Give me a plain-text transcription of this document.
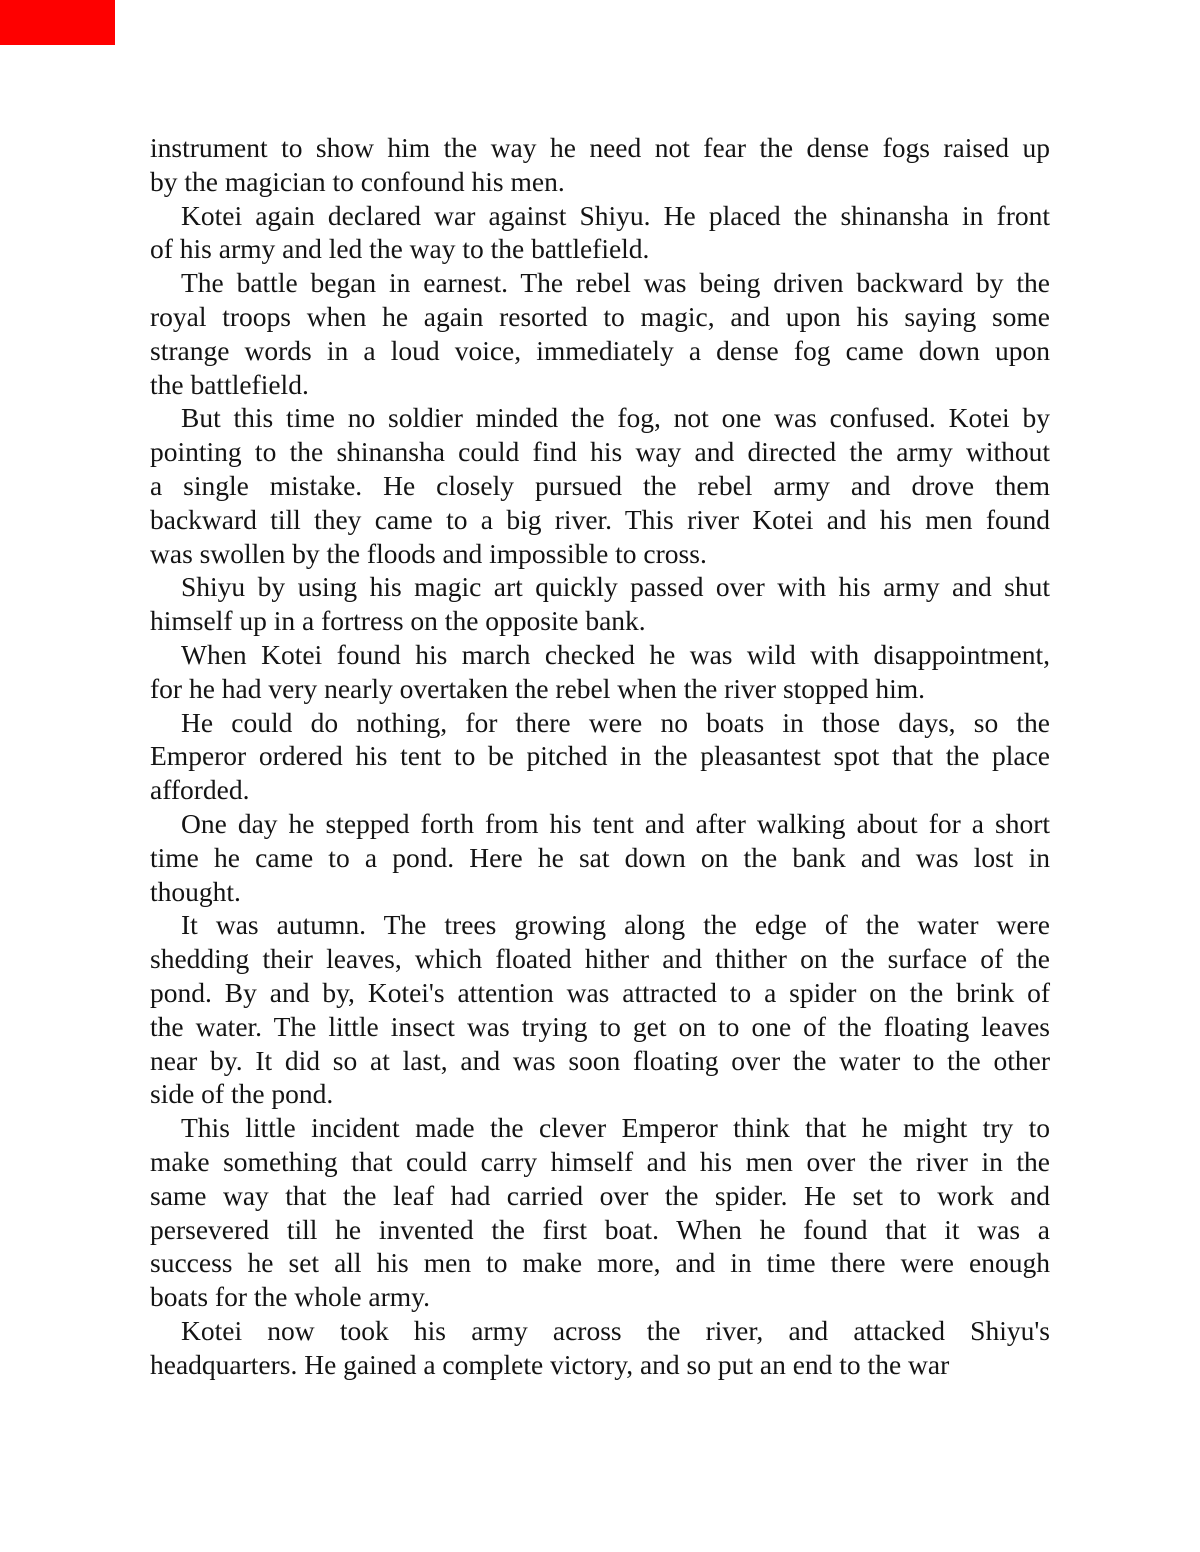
instrument to show him the way he need not fear the dense fogs raised up
by the magician to confound his men.
Kotei again declared war against Shiyu. He placed the shinansha in front
of his army and led the way to the battlefield.
The battle began in earnest. The rebel was being driven backward by the
royal troops when he again resorted to magic, and upon his saying some
strange words in a loud voice, immediately a dense fog came down upon
the battlefield.
But this time no soldier minded the fog, not one was confused. Kotei by
pointing to the shinansha could find his way and directed the army without
a single mistake. He closely pursued the rebel army and drove them
backward till they came to a big river. This river Kotei and his men found
was swollen by the floods and impossible to cross.
Shiyu by using his magic art quickly passed over with his army and shut
himself up in a fortress on the opposite bank.
When Kotei found his march checked he was wild with disappointment,
for he had very nearly overtaken the rebel when the river stopped him.
He could do nothing, for there were no boats in those days, so the
Emperor ordered his tent to be pitched in the pleasantest spot that the place
afforded.
One day he stepped forth from his tent and after walking about for a short
time he came to a pond. Here he sat down on the bank and was lost in
thought.
It was autumn. The trees growing along the edge of the water were
shedding their leaves, which floated hither and thither on the surface of the
pond. By and by, Kotei's attention was attracted to a spider on the brink of
the water. The little insect was trying to get on to one of the floating leaves
near by. It did so at last, and was soon floating over the water to the other
side of the pond.
This little incident made the clever Emperor think that he might try to
make something that could carry himself and his men over the river in the
same way that the leaf had carried over the spider. He set to work and
persevered till he invented the first boat. When he found that it was a
success he set all his men to make more, and in time there were enough
boats for the whole army.
Kotei now took his army across the river, and attacked Shiyu's
headquarters. He gained a complete victory, and so put an end to the war
